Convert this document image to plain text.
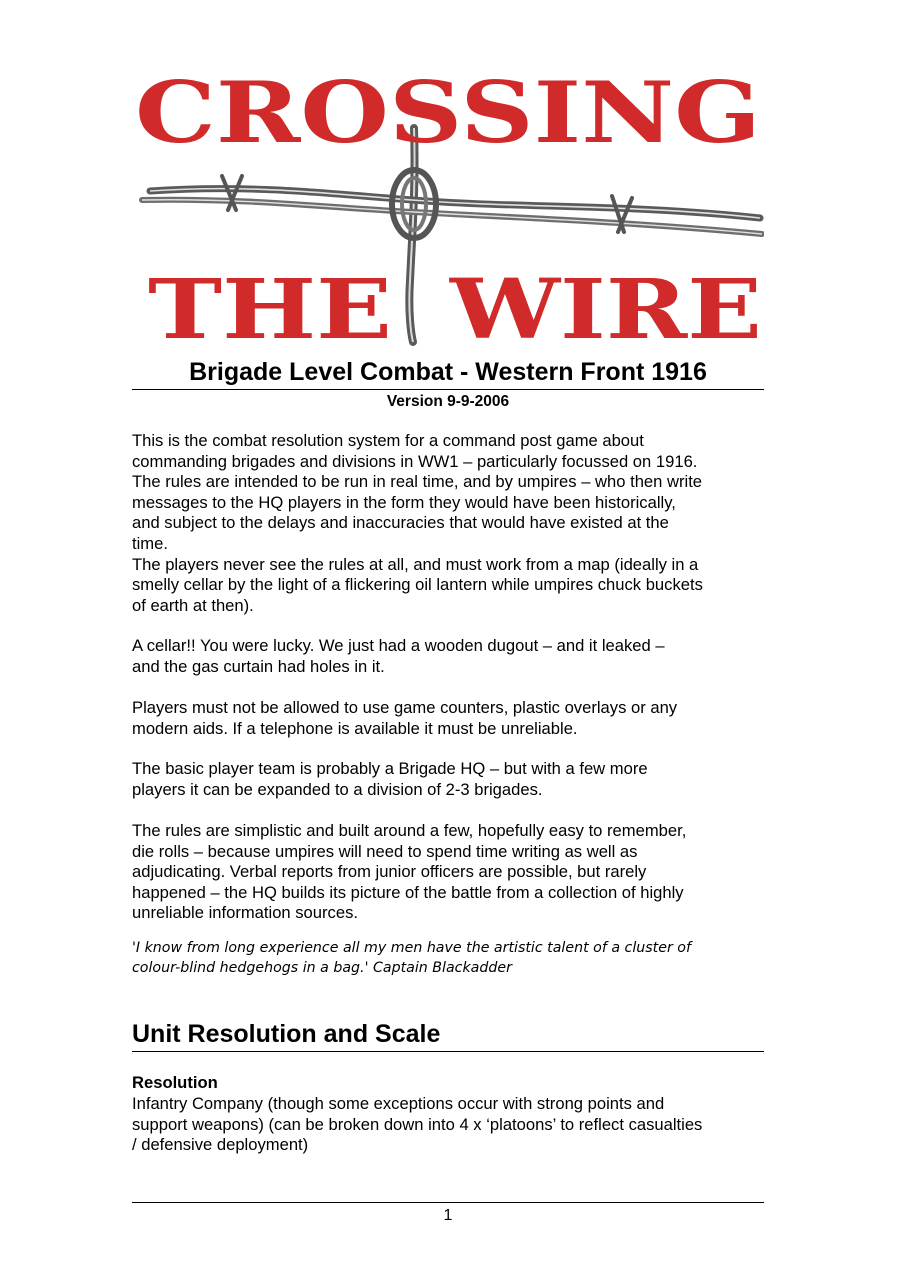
CROSSING
THE WIRE
Brigade Level Combat - Western Front 1916
Version 9-9-2006

This is the combat resolution system for a command post game about

commanding brigades and divisions in WW1 – particularly focussed on 1916.

The rules are intended to be run in real time, and by umpires – who then write

messages to the HQ players in the form they would have been historically,

and subject to the delays and inaccuracies that would have existed at the

time.

The players never see the rules at all, and must work from a map (ideally in a

smelly cellar by the light of a flickering oil lantern while umpires chuck buckets

of earth at then).

A cellar!! You were lucky. We just had a wooden dugout – and it leaked –

and the gas curtain had holes in it.

Players must not be allowed to use game counters, plastic overlays or any

modern aids. If a telephone is available it must be unreliable.

The basic player team is probably a Brigade HQ – but with a few more

players it can be expanded to a division of 2-3 brigades.

The rules are simplistic and built around a few, hopefully easy to remember,

die rolls – because umpires will need to spend time writing as well as

adjudicating. Verbal reports from junior officers are possible, but rarely

happened – the HQ builds its picture of the battle from a collection of highly

unreliable information sources.

'I know from long experience all my men have the artistic talent of a cluster of
colour-blind hedgehogs in a bag.' Captain Blackadder
Unit Resolution and Scale
Resolution

Infantry Company (though some exceptions occur with strong points and

support weapons) (can be broken down into 4 x ‘platoons’ to reflect casualties

/ defensive deployment)

1
